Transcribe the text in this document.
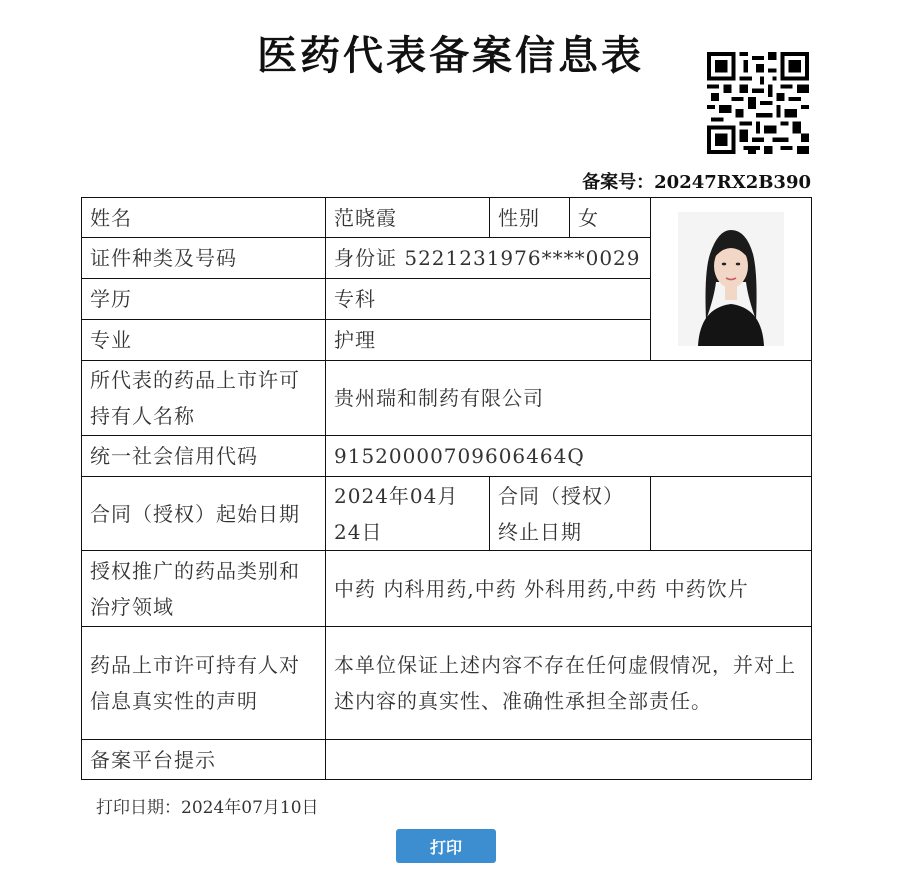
医药代表备案信息表
备案号：20247RX2B390
姓名	范晓霞	性别	女	
证件种类及号码	身份证 5221231976****0029			
学历	专科			
专业	护理			
所代表的药品上市许可持有人名称	贵州瑞和制药有限公司			
统一社会信用代码	91520000709606464Q			
合同（授权）起始日期	2024年04月24日	合同（授权）终止日期		
授权推广的药品类别和治疗领域	中药 内科用药,中药 外科用药,中药 中药饮片			
药品上市许可持有人对信息真实性的声明	本单位保证上述内容不存在任何虚假情况，并对上述内容的真实性、准确性承担全部责任。			
备案平台提示				
打印日期：2024年07月10日
打印
